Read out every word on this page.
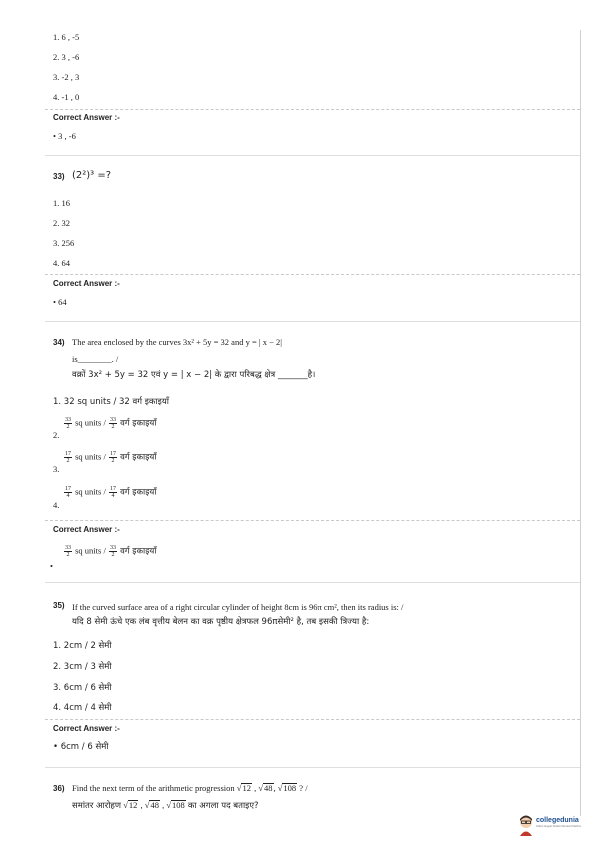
1. 6 , -5
2. 3 , -6
3. -2 , 3
4. -1 , 0
Correct Answer :-
• 3 , -6
33) (2²)³ =?
1. 16
2. 32
3. 256
4. 64
Correct Answer :-
• 64
34) The area enclosed by the curves 3x² + 5y = 32 and y = | x − 2|
is________. /
वक्रों 3x² + 5y = 32 एवं y = | x − 2| के द्वारा परिबद्ध क्षेत्र _______है।
1. 32 sq units / 32 वर्ग इकाइयाँ
$\frac{33}{2}$ sq units / $\frac{33}{2}$ वर्ग इकाइयाँ
2.
$\frac{17}{2}$ sq units / $\frac{17}{2}$ वर्ग इकाइयाँ
3.
$\frac{17}{4}$ sq units / $\frac{17}{4}$ वर्ग इकाइयाँ
4.
Correct Answer :-
$\frac{33}{2}$ sq units / $\frac{33}{2}$ वर्ग इकाइयाँ
•
35) If the curved surface area of a right circular cylinder of height 8cm is 96π cm², then its radius is: /
यदि 8 सेमी ऊंचे एक लंब वृत्तीय बेलन का वक्र पृष्ठीय क्षेत्रफल 96πसेमी² है, तब इसकी त्रिज्या है:
1. 2cm / 2 सेमी
2. 3cm / 3 सेमी
3. 6cm / 6 सेमी
4. 4cm / 4 सेमी
Correct Answer :-
• 6cm / 6 सेमी
36) Find the next term of the arithmetic progression √12 , √48, √108 ? /
समांतर आरोहण √12 , √48 , √108 का अगला पद बताइए?
collegedunia
India's largest Student Review Platform
